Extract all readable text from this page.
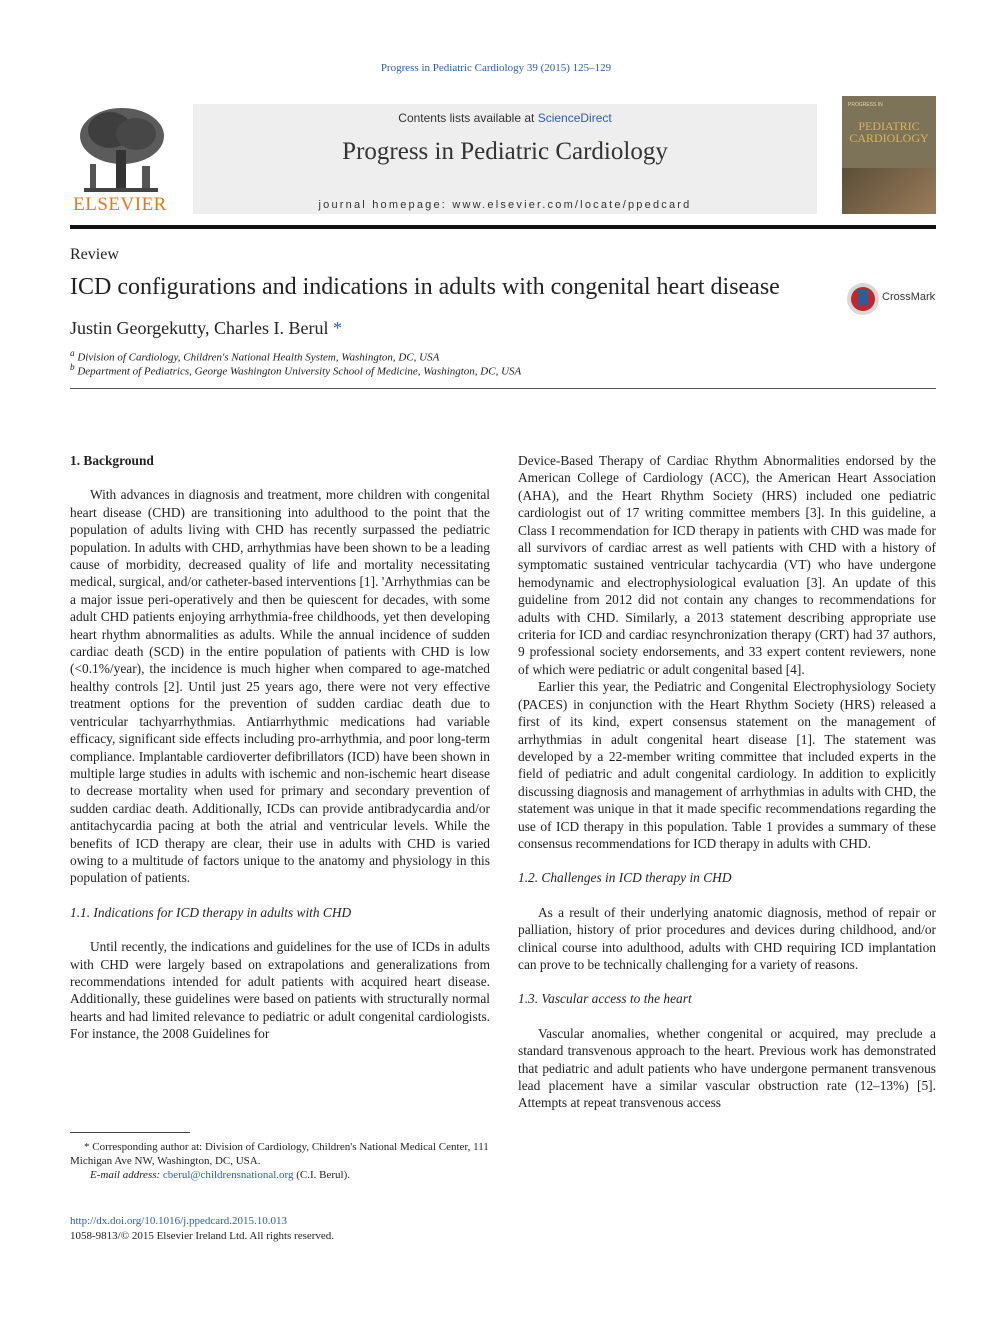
Progress in Pediatric Cardiology 39 (2015) 125–129
ELSEVIER
Contents lists available at ScienceDirect
Progress in Pediatric Cardiology
journal homepage: www.elsevier.com/locate/ppedcard
PROGRESS IN
PEDIATRIC
CARDIOLOGY
Review
ICD configurations and indications in adults with congenital heart disease	CrossMark
Justin Georgekutty, Charles I. Berul *
$^a$ Division of Cardiology, Children's National Health System, Washington, DC, USA
$^b$ Department of Pediatrics, George Washington University School of Medicine, Washington, DC, USA
1. Background

With advances in diagnosis and treatment, more children with congenital heart disease (CHD) are transitioning into adulthood to the point that the population of adults living with CHD has recently surpassed the pediatric population. In adults with CHD, arrhythmias have been shown to be a leading cause of morbidity, decreased quality of life and mortality necessitating medical, surgical, and/or catheter-based interventions [1]. 'Arrhythmias can be a major issue peri-operatively and then be quiescent for decades, with some adult CHD patients enjoying arrhythmia-free childhoods, yet then developing heart rhythm abnormalities as adults. While the annual incidence of sudden cardiac death (SCD) in the entire population of patients with CHD is low (<0.1%/year), the incidence is much higher when compared to age-matched healthy controls [2]. Until just 25 years ago, there were not very effective treatment options for the prevention of sudden cardiac death due to ventricular tachyarrhythmias. Antiarrhythmic medications had variable efficacy, significant side effects including pro-arrhythmia, and poor long-term compliance. Implantable cardioverter defibrillators (ICD) have been shown in multiple large studies in adults with ischemic and non-ischemic heart disease to decrease mortality when used for primary and secondary prevention of sudden cardiac death. Additionally, ICDs can provide antibradycardia and/or antitachycardia pacing at both the atrial and ventricular levels. While the benefits of ICD therapy are clear, their use in adults with CHD is varied owing to a multitude of factors unique to the anatomy and physiology in this population of patients.

1.1. Indications for ICD therapy in adults with CHD

Until recently, the indications and guidelines for the use of ICDs in adults with CHD were largely based on extrapolations and generalizations from recommendations intended for adult patients with acquired heart disease. Additionally, these guidelines were based on patients with structurally normal hearts and had limited relevance to pediatric or adult congenital cardiologists. For instance, the 2008 Guidelines for

Device-Based Therapy of Cardiac Rhythm Abnormalities endorsed by the American College of Cardiology (ACC), the American Heart Association (AHA), and the Heart Rhythm Society (HRS) included one pediatric cardiologist out of 17 writing committee members [3]. In this guideline, a Class I recommendation for ICD therapy in patients with CHD was made for all survivors of cardiac arrest as well patients with CHD with a history of symptomatic sustained ventricular tachycardia (VT) who have undergone hemodynamic and electrophysiological evaluation [3]. An update of this guideline from 2012 did not contain any changes to recommendations for adults with CHD. Similarly, a 2013 statement describing appropriate use criteria for ICD and cardiac resynchronization therapy (CRT) had 37 authors, 9 professional society endorsements, and 33 expert content reviewers, none of which were pediatric or adult congenital based [4].

Earlier this year, the Pediatric and Congenital Electrophysiology Society (PACES) in conjunction with the Heart Rhythm Society (HRS) released a first of its kind, expert consensus statement on the management of arrhythmias in adult congenital heart disease [1]. The statement was developed by a 22-member writing committee that included experts in the field of pediatric and adult congenital cardiology. In addition to explicitly discussing diagnosis and management of arrhythmias in adults with CHD, the statement was unique in that it made specific recommendations regarding the use of ICD therapy in this population. Table 1 provides a summary of these consensus recommendations for ICD therapy in adults with CHD.

1.2. Challenges in ICD therapy in CHD

As a result of their underlying anatomic diagnosis, method of repair or palliation, history of prior procedures and devices during childhood, and/or clinical course into adulthood, adults with CHD requiring ICD implantation can prove to be technically challenging for a variety of reasons.

1.3. Vascular access to the heart

Vascular anomalies, whether congenital or acquired, may preclude a standard transvenous approach to the heart. Previous work has demonstrated that pediatric and adult patients who have undergone permanent transvenous lead placement have a similar vascular obstruction rate (12–13%) [5]. Attempts at repeat transvenous access

* Corresponding author at: Division of Cardiology, Children's National Medical Center, 111 Michigan Ave NW, Washington, DC, USA.
E-mail address: cberul@childrensnational.org (C.I. Berul).
http://dx.doi.org/10.1016/j.ppedcard.2015.10.013
1058-9813/© 2015 Elsevier Ireland Ltd. All rights reserved.
